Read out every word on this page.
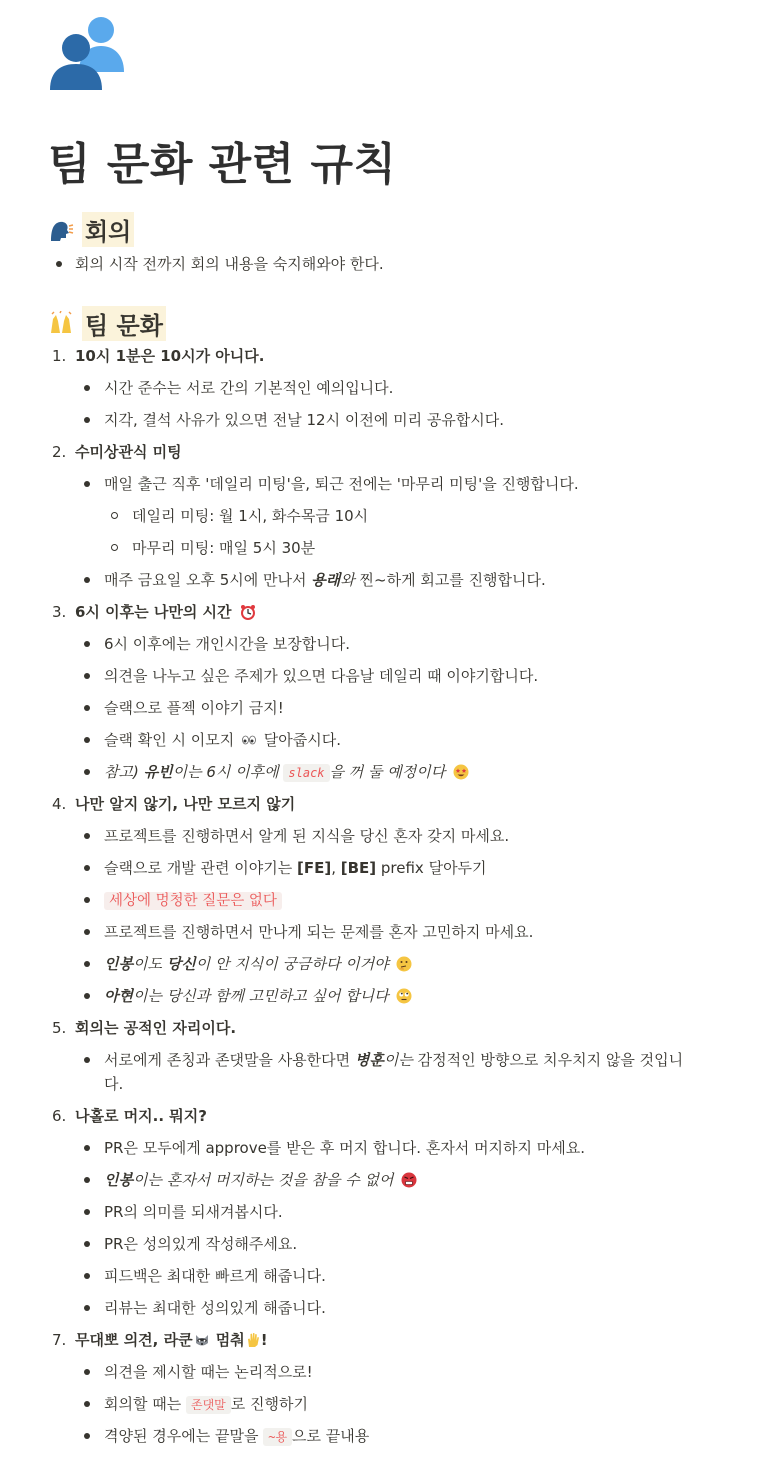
팀 문화 관련 규칙
회의
회의 시작 전까지 회의 내용을 숙지해와야 한다.
팀 문화
1. 10시 1분은 10시가 아니다.
시간 준수는 서로 간의 기본적인 예의입니다.
지각, 결석 사유가 있으면 전날 12시 이전에 미리 공유합시다.
2. 수미상관식 미팅
매일 출근 직후 '데일리 미팅'을, 퇴근 전에는 '마무리 미팅'을 진행합니다.
데일리 미팅: 월 1시, 화수목금 10시
마무리 미팅: 매일 5시 30분
매주 금요일 오후 5시에 만나서 용래와 찐~하게 회고를 진행합니다.
3. 6시 이후는 나만의 시간
6시 이후에는 개인시간을 보장합니다.
의견을 나누고 싶은 주제가 있으면 다음날 데일리 때 이야기합니다.
슬랙으로 플젝 이야기 금지!
슬랙 확인 시 이모지  달아줍시다.
참고) 유빈이는 6시 이후에 slack 을 꺼 둘 예정이다
4. 나만 알지 않기, 나만 모르지 않기
프로젝트를 진행하면서 알게 된 지식을 당신 혼자 갖지 마세요.
슬랙으로 개발 관련 이야기는 [FE], [BE] prefix 달아두기
세상에 멍청한 질문은 없다
프로젝트를 진행하면서 만나게 되는 문제를 혼자 고민하지 마세요.
인봉이도 당신이 안 지식이 궁금하다 이거야
아현이는 당신과 함께 고민하고 싶어 합니다
5. 회의는 공적인 자리이다.
서로에게 존칭과 존댓말을 사용한다면 병훈이는 감정적인 방향으로 치우치지 않을 것입니
다.
6. 나홀로 머지.. 뭐지?
PR은 모두에게 approve를 받은 후 머지 합니다. 혼자서 머지하지 마세요.
인봉이는 혼자서 머지하는 것을 참을 수 없어
PR의 의미를 되새겨봅시다.
PR은 성의있게 작성해주세요.
피드백은 최대한 빠르게 해줍니다.
리뷰는 최대한 성의있게 해줍니다.
7. 무대뽀 의견, 라쿤 멈춰 !
의견을 제시할 때는 논리적으로!
회의할 때는 존댓말 로 진행하기
격양된 경우에는 끝말을 ~용 으로 끝내용
